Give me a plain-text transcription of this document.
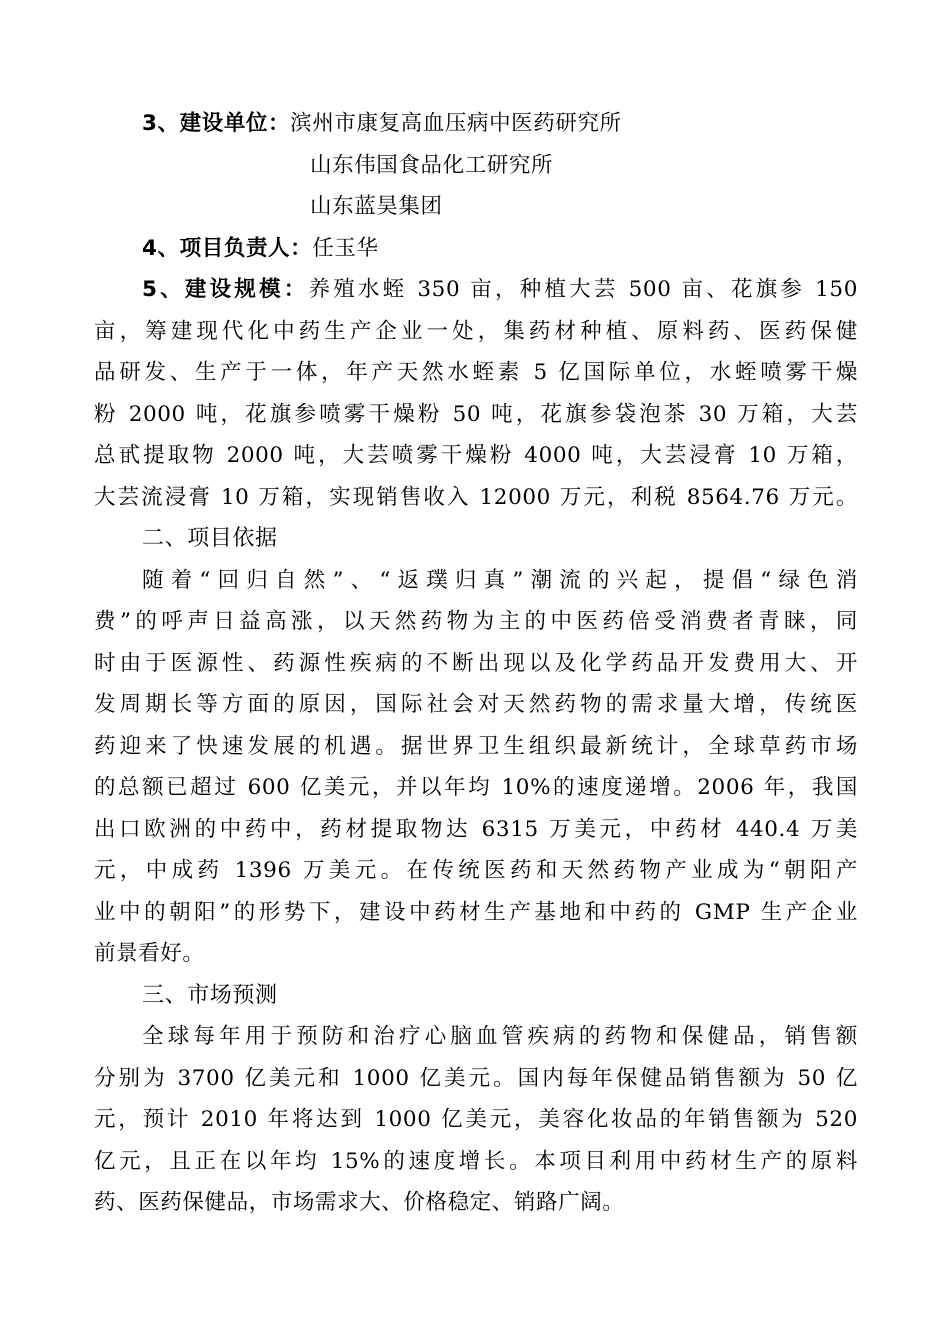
3、建设单位：滨州市康复高血压病中医药研究所
山东伟国食品化工研究所
山东蓝昊集团
4、项目负责人：任玉华
5、建设规模：养殖水蛭 350 亩，种植大芸 500 亩、花旗参 150
亩，筹建现代化中药生产企业一处，集药材种植、原料药、医药保健
品研发、生产于一体，年产天然水蛭素 5 亿国际单位，水蛭喷雾干燥
粉 2000 吨，花旗参喷雾干燥粉 50 吨，花旗参袋泡茶 30 万箱，大芸
总甙提取物 2000 吨，大芸喷雾干燥粉 4000 吨，大芸浸膏 10 万箱，
大芸流浸膏 10 万箱，实现销售收入 12000 万元，利税 8564.76 万元。
二、项目依据
随着“回归自然”、“返璞归真”潮流的兴起，提倡“绿色消
费”的呼声日益高涨，以天然药物为主的中医药倍受消费者青睐，同
时由于医源性、药源性疾病的不断出现以及化学药品开发费用大、开
发周期长等方面的原因，国际社会对天然药物的需求量大增，传统医
药迎来了快速发展的机遇。据世界卫生组织最新统计，全球草药市场
的总额已超过 600 亿美元，并以年均 10%的速度递增。2006 年，我国
出口欧洲的中药中，药材提取物达 6315 万美元，中药材 440.4 万美
元，中成药 1396 万美元。在传统医药和天然药物产业成为“朝阳产
业中的朝阳”的形势下，建设中药材生产基地和中药的 GMP 生产企业
前景看好。
三、市场预测
全球每年用于预防和治疗心脑血管疾病的药物和保健品，销售额
分别为 3700 亿美元和 1000 亿美元。国内每年保健品销售额为 50 亿
元，预计 2010 年将达到 1000 亿美元，美容化妆品的年销售额为 520
亿元，且正在以年均 15%的速度增长。本项目利用中药材生产的原料
药、医药保健品，市场需求大、价格稳定、销路广阔。
